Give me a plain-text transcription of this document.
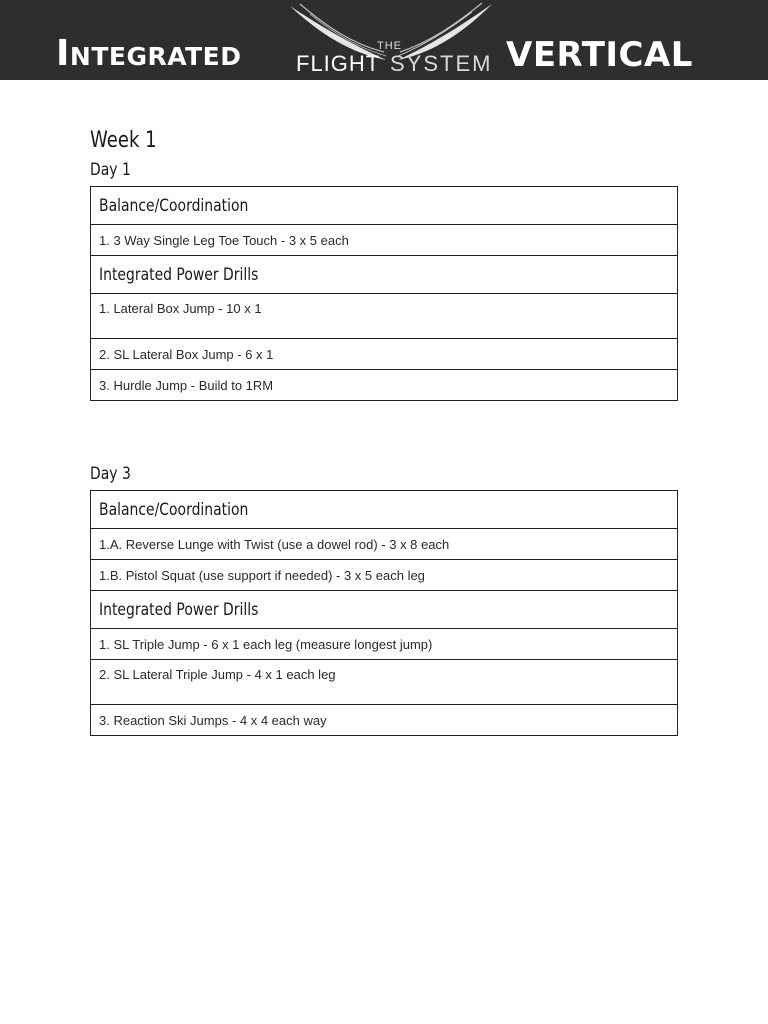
Integrated	THE
FLIGHT SYSTEM VERTICAL
Week 1
Day 1
Balance/Coordination
1. 3 Way Single Leg Toe Touch - 3 x 5 each
Integrated Power Drills
1. Lateral Box Jump - 10 x 1
2. SL Lateral Box Jump - 6 x 1
3. Hurdle Jump - Build to 1RM
Day 3
Balance/Coordination
1.A. Reverse Lunge with Twist (use a dowel rod) - 3 x 8 each
1.B. Pistol Squat (use support if needed) - 3 x 5 each leg
Integrated Power Drills
1. SL Triple Jump - 6 x 1 each leg (measure longest jump)
2. SL Lateral Triple Jump - 4 x 1 each leg
3. Reaction Ski Jumps - 4 x 4 each way
